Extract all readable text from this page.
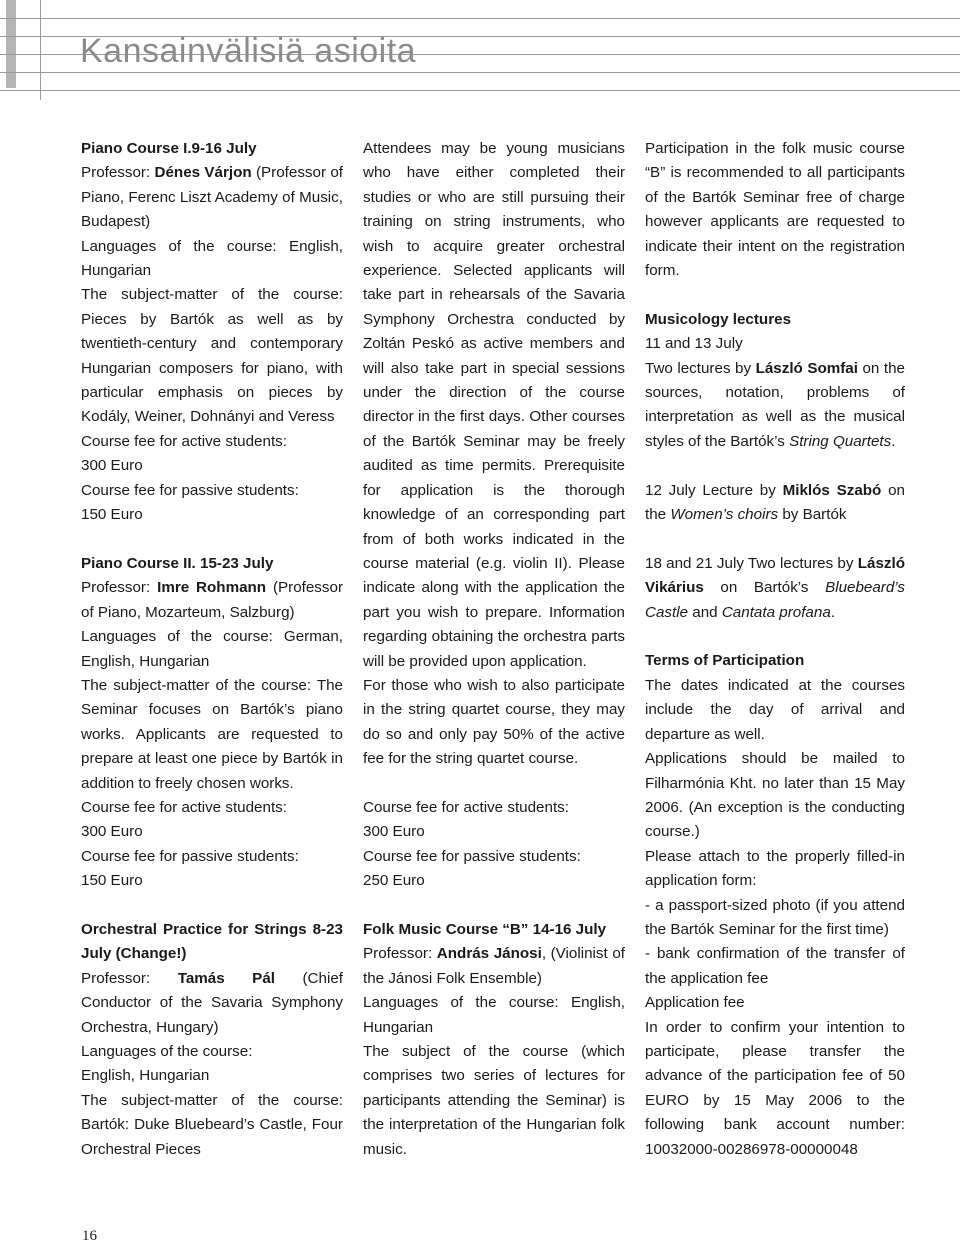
Kansainvälisiä asioita

Piano Course I.9-16 July

Professor: Dénes Várjon (Professor of Piano, Ferenc Liszt Academy of Music, Budapest)

Languages of the course: English, Hungarian

The subject-matter of the course: Pieces by Bartók as well as by twentieth-century and contemporary Hungarian composers for piano, with particular emphasis on pieces by Kodály, Weiner, Dohnányi and Veress

Course fee for active students:

300 Euro

Course fee for passive students:

150 Euro

Piano Course II. 15-23 July

Professor: Imre Rohmann (Professor of Piano, Mozarteum, Salzburg)

Languages of the course: German, English, Hungarian

The subject-matter of the course: The Seminar focuses on Bartók’s piano works. Applicants are requested to prepare at least one piece by Bartók in addition to freely chosen works.

Course fee for active students:

300 Euro

Course fee for passive students:

150 Euro

Orchestral Practice for Strings 8-23 July (Change!)

Professor: Tamás Pál (Chief Conductor of the Savaria Symphony Orchestra, Hungary)

Languages of the course:

English, Hungarian

The subject-matter of the course: Bartók: Duke Bluebeard’s Castle, Four Orchestral Pieces

Attendees may be young musicians who have either completed their studies or who are still pursuing their training on string instruments, who wish to acquire greater orchestral experience. Selected applicants will take part in rehearsals of the Savaria Symphony Orchestra conducted by Zoltán Peskó as active members and will also take part in special sessions under the direction of the course director in the first days. Other courses of the Bartók Seminar may be freely audited as time permits. Prerequisite for application is the thorough knowledge of an corresponding part from of both works indicated in the course material (e.g. violin II). Please indicate along with the application the part you wish to prepare. Information regarding obtaining the orchestra parts will be provided upon application.

For those who wish to also participate in the string quartet course, they may do so and only pay 50% of the active fee for the string quartet course.

Course fee for active students:

300 Euro

Course fee for passive students:

250 Euro

Folk Music Course “B” 14-16 July

Professor: András Jánosi, (Violinist of the Jánosi Folk Ensemble)

Languages of the course: English, Hungarian

The subject of the course (which comprises two series of lectures for participants attending the Seminar) is the interpretation of the Hungarian folk music.

Participation in the folk music course “B” is recommended to all participants of the Bartók Seminar free of charge however applicants are requested to indicate their intent on the registration form.

Musicology lectures

11 and 13 July

Two lectures by László Somfai on the sources, notation, problems of interpretation as well as the musical styles of the Bartók’s String Quartets.

12 July Lecture by Miklós Szabó on the Women’s choirs by Bartók

18 and 21 July Two lectures by László Vikárius on Bartók’s Bluebeard’s Castle and Cantata profana.

Terms of Participation

The dates indicated at the courses include the day of arrival and departure as well.

Applications should be mailed to Filharmónia Kht. no later than 15 May 2006. (An exception is the conducting course.)

Please attach to the properly filled-in application form:

- a passport-sized photo (if you attend the Bartók Seminar for the first time)

- bank confirmation of the transfer of the application fee

Application fee

In order to confirm your intention to participate, please transfer the advance of the participation fee of 50 EURO by 15 May 2006 to the following bank account number: 10032000-00286978-00000048

16
